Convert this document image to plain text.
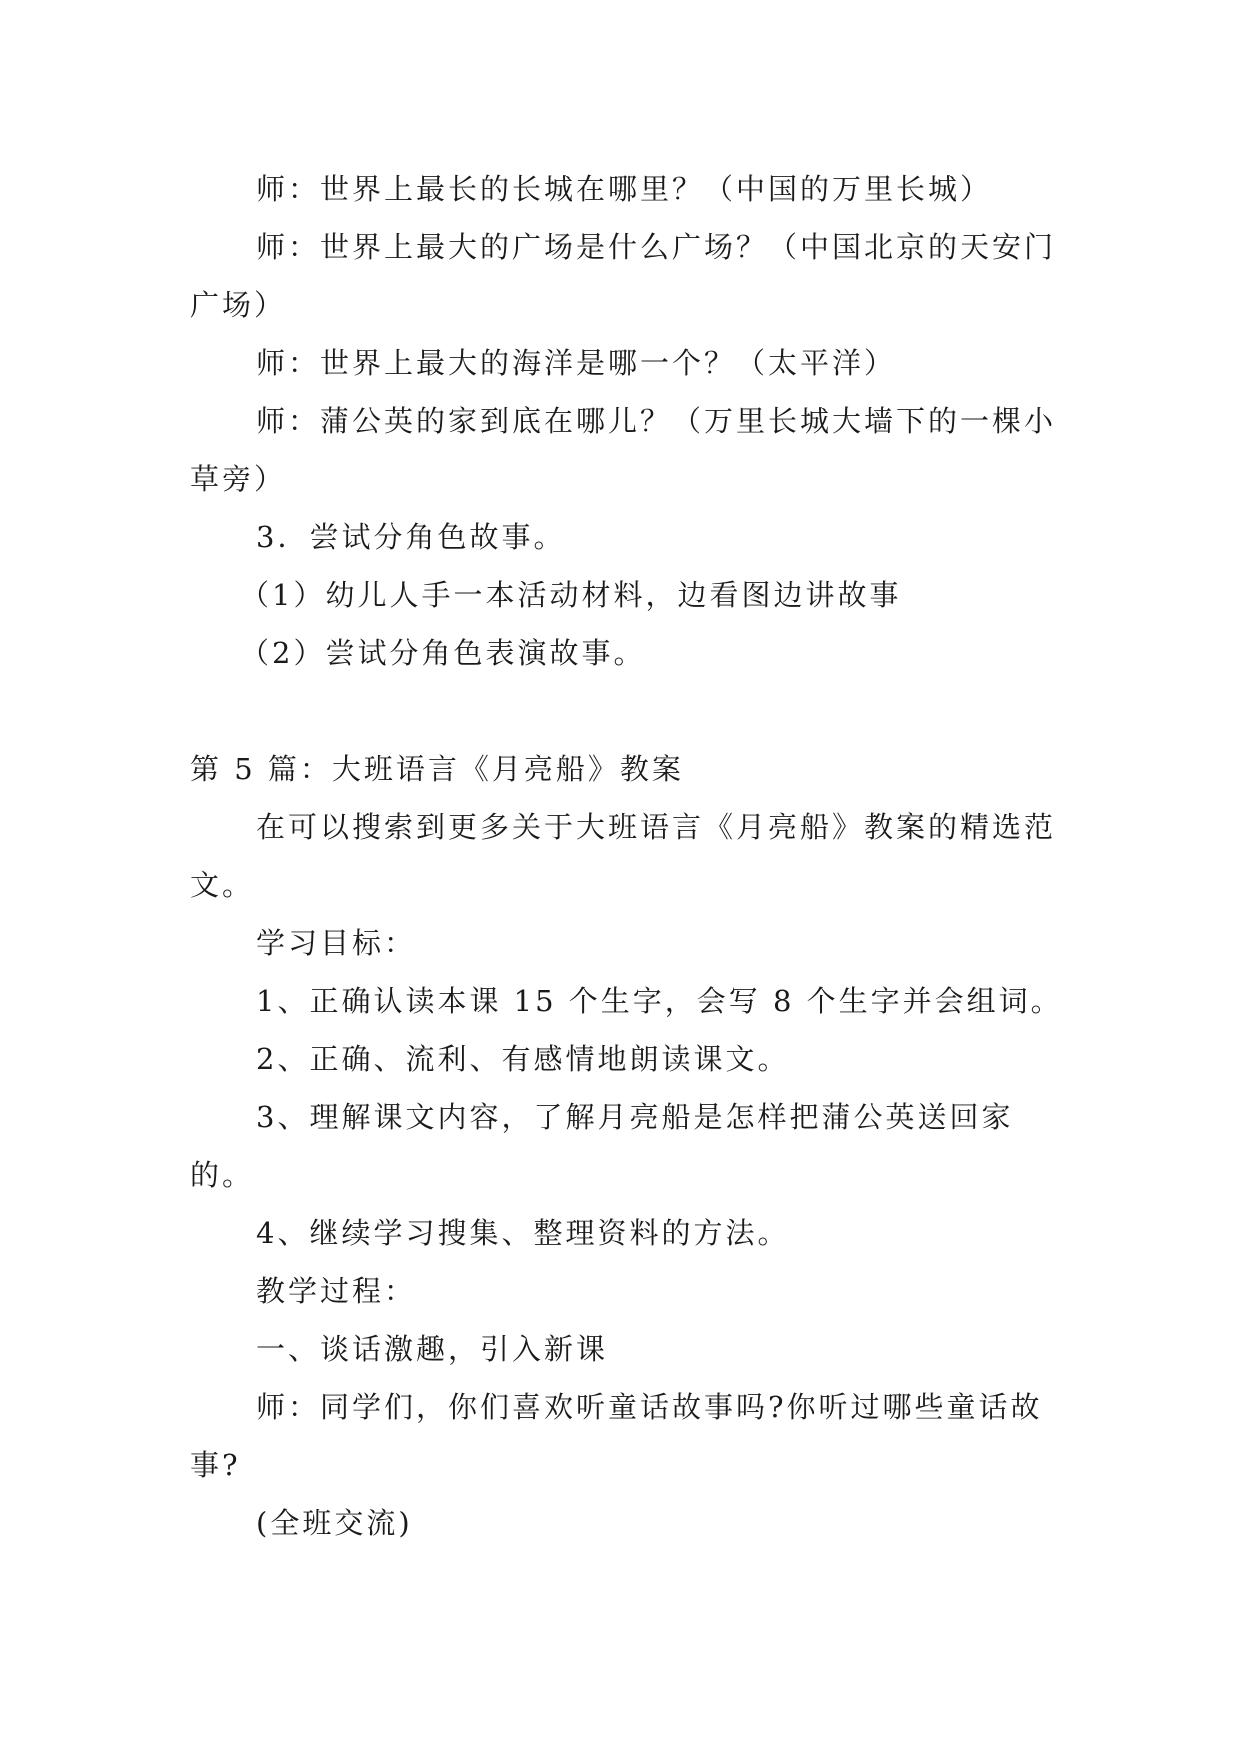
师：世界上最长的长城在哪里？（中国的万里长城）

师：世界上最大的广场是什么广场？（中国北京的天安门广场）

师：世界上最大的海洋是哪一个？（太平洋）

师：蒲公英的家到底在哪儿？（万里长城大墙下的一棵小草旁）

3．尝试分角色故事。

（1）幼儿人手一本活动材料，边看图边讲故事

（2）尝试分角色表演故事。

第 5 篇：大班语言《月亮船》教案

在可以搜索到更多关于大班语言《月亮船》教案的精选范文。

学习目标：

1、正确认读本课 15 个生字，会写 8 个生字并会组词。

2、正确、流利、有感情地朗读课文。

3、理解课文内容，了解月亮船是怎样把蒲公英送回家的。

4、继续学习搜集、整理资料的方法。

教学过程：

一、谈话激趣，引入新课

师：同学们，你们喜欢听童话故事吗?你听过哪些童话故事?

(全班交流)
